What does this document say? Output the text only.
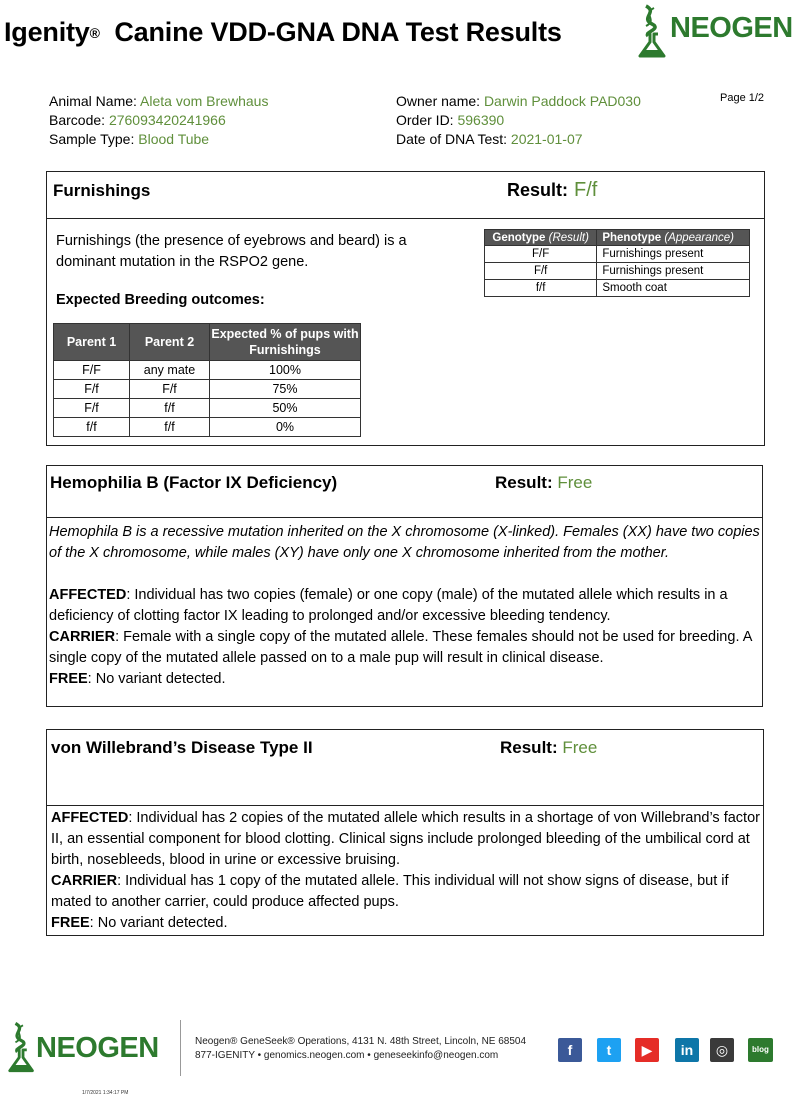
Igenity® Canine VDD-GNA DNA Test Results	NEOGEN
Animal Name: Aleta vom Brewhaus
Barcode: 276093420241966
Sample Type: Blood Tube
Owner name: Darwin Paddock PAD030
Order ID: 596390
Date of DNA Test: 2021-01-07
Page 1/2
Furnishings	Result: F/f
Furnishings (the presence of eyebrows and beard) is a dominant mutation in the RSPO2 gene.
Expected Breeding outcomes:
Genotype (Result)	Phenotype (Appearance)
F/F	Furnishings present
F/f	Furnishings present
f/f	Smooth coat
Parent 1	Parent 2	Expected % of pups with Furnishings
F/F	any mate	100%
F/f	F/f	75%
F/f	f/f	50%
f/f	f/f	0%
Hemophilia B (Factor IX Deficiency)	Result: Free

Hemophila B is a recessive mutation inherited on the X chromosome (X-linked). Females (XX) have two copies of the X chromosome, while males (XY) have only one X chromosome inherited from the mother.

AFFECTED: Individual has two copies (female) or one copy (male) of the mutated allele which results in a deficiency of clotting factor IX leading to prolonged and/or excessive bleeding tendency.
CARRIER: Female with a single copy of the mutated allele. These females should not be used for breeding. A single copy of the mutated allele passed on to a male pup will result in clinical disease.
FREE: No variant detected.
von Willebrand’s Disease Type II	Result: Free
AFFECTED: Individual has 2 copies of the mutated allele which results in a shortage of von Willebrand’s factor II, an essential component for blood clotting. Clinical signs include prolonged bleeding of the umbilical cord at birth, nosebleeds, blood in urine or excessive bruising.
CARRIER: Individual has 1 copy of the mutated allele. This individual will not show signs of disease, but if mated to another carrier, could produce affected pups.
FREE: No variant detected.
NEOGEN	Neogen® GeneSeek® Operations, 4131 N. 48th Street, Lincoln, NE 68504
877-IGENITY • genomics.neogen.com • geneseekinfo@neogen.com	f	t	▶	in	◎	blog
1/7/2021 1:34:17 PM
